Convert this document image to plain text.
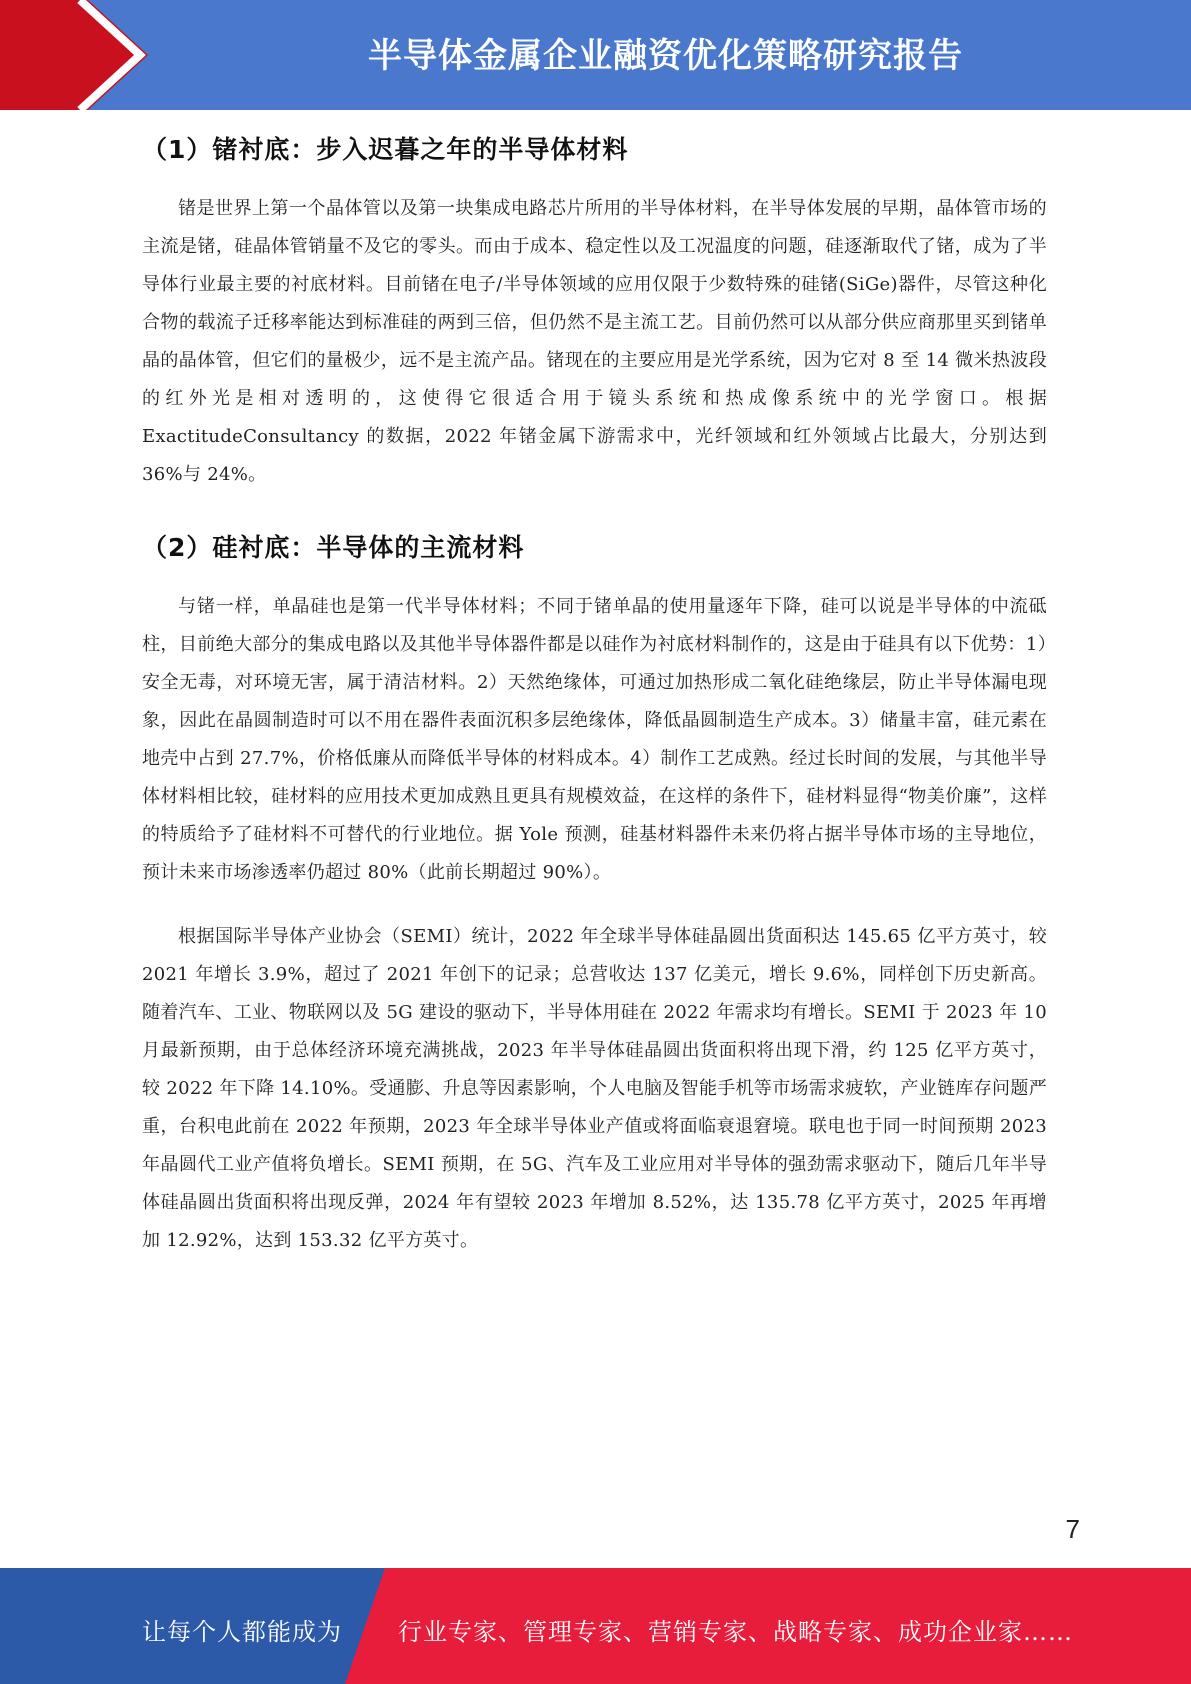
半导体金属企业融资优化策略研究报告
（1）锗衬底：步入迟暮之年的半导体材料

锗是世界上第一个晶体管以及第一块集成电路芯片所用的半导体材料，在半导体发展的早期，晶体管市场的主流是锗，硅晶体管销量不及它的零头。而由于成本、稳定性以及工况温度的问题，硅逐渐取代了锗，成为了半导体行业最主要的衬底材料。目前锗在电子/半导体领域的应用仅限于少数特殊的硅锗(SiGe)器件，尽管这种化合物的载流子迁移率能达到标准硅的两到三倍，但仍然不是主流工艺。目前仍然可以从部分供应商那里买到锗单晶的晶体管，但它们的量极少，远不是主流产品。锗现在的主要应用是光学系统，因为它对 8 至 14 微米热波段的红外光是相对透明的，这使得它很适合用于镜头系统和热成像系统中的光学窗口。根据 ExactitudeConsultancy 的数据，2022 年锗金属下游需求中，光纤领域和红外领域占比最大，分别达到 36%与 24%。

（2）硅衬底：半导体的主流材料

与锗一样，单晶硅也是第一代半导体材料；不同于锗单晶的使用量逐年下降，硅可以说是半导体的中流砥柱，目前绝大部分的集成电路以及其他半导体器件都是以硅作为衬底材料制作的，这是由于硅具有以下优势：1）安全无毒，对环境无害，属于清洁材料。2）天然绝缘体，可通过加热形成二氧化硅绝缘层，防止半导体漏电现象，因此在晶圆制造时可以不用在器件表面沉积多层绝缘体，降低晶圆制造生产成本。3）储量丰富，硅元素在地壳中占到 27.7%，价格低廉从而降低半导体的材料成本。4）制作工艺成熟。经过长时间的发展，与其他半导体材料相比较，硅材料的应用技术更加成熟且更具有规模效益，在这样的条件下，硅材料显得“物美价廉”，这样的特质给予了硅材料不可替代的行业地位。据 Yole 预测，硅基材料器件未来仍将占据半导体市场的主导地位，预计未来市场渗透率仍超过 80%（此前长期超过 90%）。

根据国际半导体产业协会（SEMI）统计，2022 年全球半导体硅晶圆出货面积达 145.65 亿平方英寸，较 2021 年增长 3.9%，超过了 2021 年创下的记录；总营收达 137 亿美元，增长 9.6%，同样创下历史新高。随着汽车、工业、物联网以及 5G 建设的驱动下，半导体用硅在 2022 年需求均有增长。SEMI 于 2023 年 10 月最新预期，由于总体经济环境充满挑战，2023 年半导体硅晶圆出货面积将出现下滑，约 125 亿平方英寸，较 2022 年下降 14.10%。受通膨、升息等因素影响，个人电脑及智能手机等市场需求疲软，产业链库存问题严重，台积电此前在 2022 年预期，2023 年全球半导体业产值或将面临衰退窘境。联电也于同一时间预期 2023 年晶圆代工业产值将负增长。SEMI 预期，在 5G、汽车及工业应用对半导体的强劲需求驱动下，随后几年半导体硅晶圆出货面积将出现反弹，2024 年有望较 2023 年增加 8.52%，达 135.78 亿平方英寸，2025 年再增加 12.92%，达到 153.32 亿平方英寸。

7
让每个人都能成为 行业专家、管理专家、营销专家、战略专家、成功企业家……
